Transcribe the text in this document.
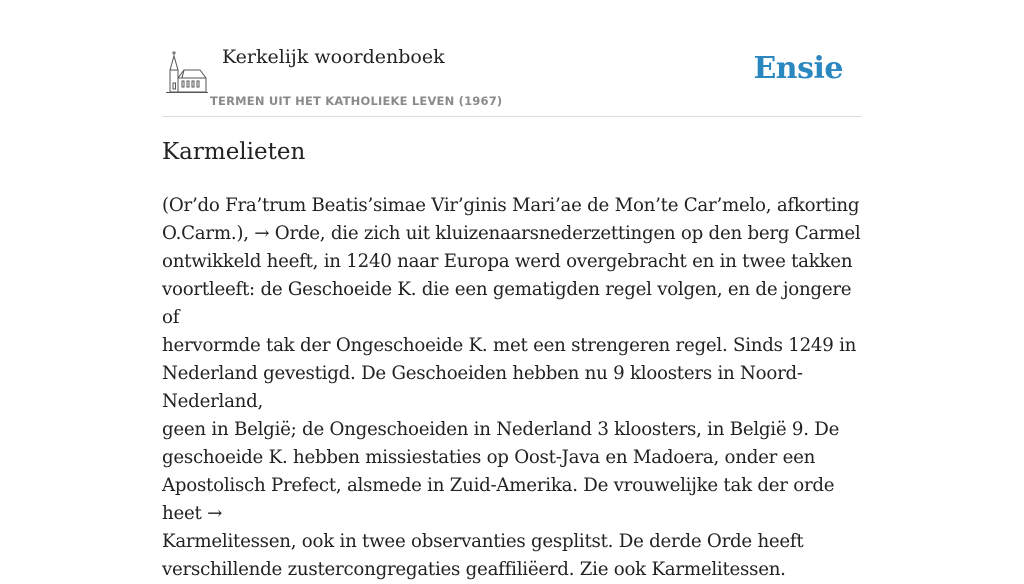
Kerkelijk woordenboek
TERMEN UIT HET KATHOLIEKE LEVEN (1967)
Ensie
Karmelieten
(Or’do Fra’trum Beatis’simae Vir’ginis Mari’ae de Mon’te Car’melo, afkorting
O.Carm.), → Orde, die zich uit kluizenaarsnederzettingen op den berg Carmel
ontwikkeld heeft, in 1240 naar Europa werd overgebracht en in twee takken
voortleeft: de Geschoeide K. die een gematigden regel volgen, en de jongere of
hervormde tak der Ongeschoeide K. met een strengeren regel. Sinds 1249 in
Nederland gevestigd. De Geschoeiden hebben nu 9 kloosters in Noord-Nederland,
geen in België; de Ongeschoeiden in Nederland 3 kloosters, in België 9. De
geschoeide K. hebben missiestaties op Oost-Java en Madoera, onder een
Apostolisch Prefect, alsmede in Zuid-Amerika. De vrouwelijke tak der orde heet →
Karmelitessen, ook in twee observanties gesplitst. De derde Orde heeft
verschillende zustercongregaties geaffiliëerd. Zie ook Karmelitessen.
